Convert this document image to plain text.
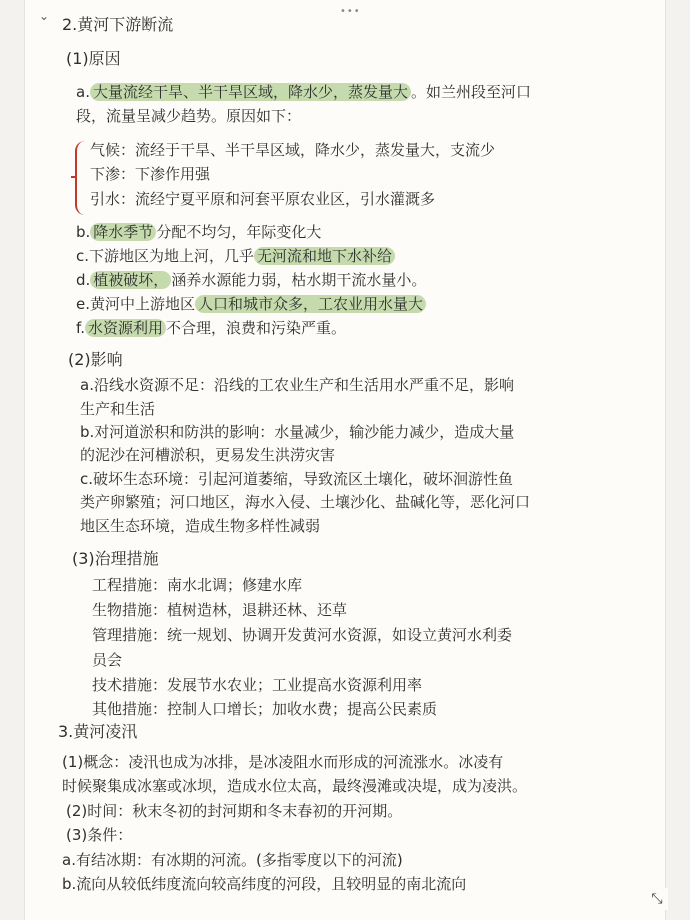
•••
⌄ 2.黄河下游断流
(1)原因
a. 大量流经干旱、半干旱区域，降水少，蒸发量大 。如兰州段至河口
段，流量呈减少趋势。原因如下：
气候：流经于干旱、半干旱区域，降水少，蒸发量大，支流少
下渗：下渗作用强
引水：流经宁夏平原和河套平原农业区，引水灌溉多
b. 降水季节 分配不均匀，年际变化大
c.下游地区为地上河，几乎 无河流和地下水补给
d. 植被破坏， 涵养水源能力弱，枯水期干流水量小。
e.黄河中上游地区 人口和城市众多，工农业用水量大
f. 水资源利用 不合理，浪费和污染严重。
(2)影响
a.沿线水资源不足：沿线的工农业生产和生活用水严重不足，影响
生产和生活
b.对河道淤积和防洪的影响：水量减少，输沙能力减少，造成大量
的泥沙在河槽淤积，更易发生洪涝灾害
c.破坏生态环境：引起河道萎缩，导致流区土壤化，破坏洄游性鱼
类产卵繁殖；河口地区，海水入侵、土壤沙化、盐碱化等，恶化河口
地区生态环境，造成生物多样性减弱
(3)治理措施
工程措施：南水北调；修建水库
生物措施：植树造林，退耕还林、还草
管理措施：统一规划、协调开发黄河水资源，如设立黄河水利委
员会
技术措施：发展节水农业；工业提高水资源利用率
其他措施：控制人口增长；加收水费；提高公民素质
3.黄河凌汛
(1)概念：凌汛也成为冰排，是冰凌阻水而形成的河流涨水。冰凌有
时候聚集成冰塞或冰坝，造成水位太高，最终漫滩或决堤，成为凌洪。
(2)时间：秋末冬初的封河期和冬末春初的开河期。
(3)条件：
a.有结冰期：有冰期的河流。(多指零度以下的河流)
b.流向从较低纬度流向较高纬度的河段，且较明显的南北流向
⤡
